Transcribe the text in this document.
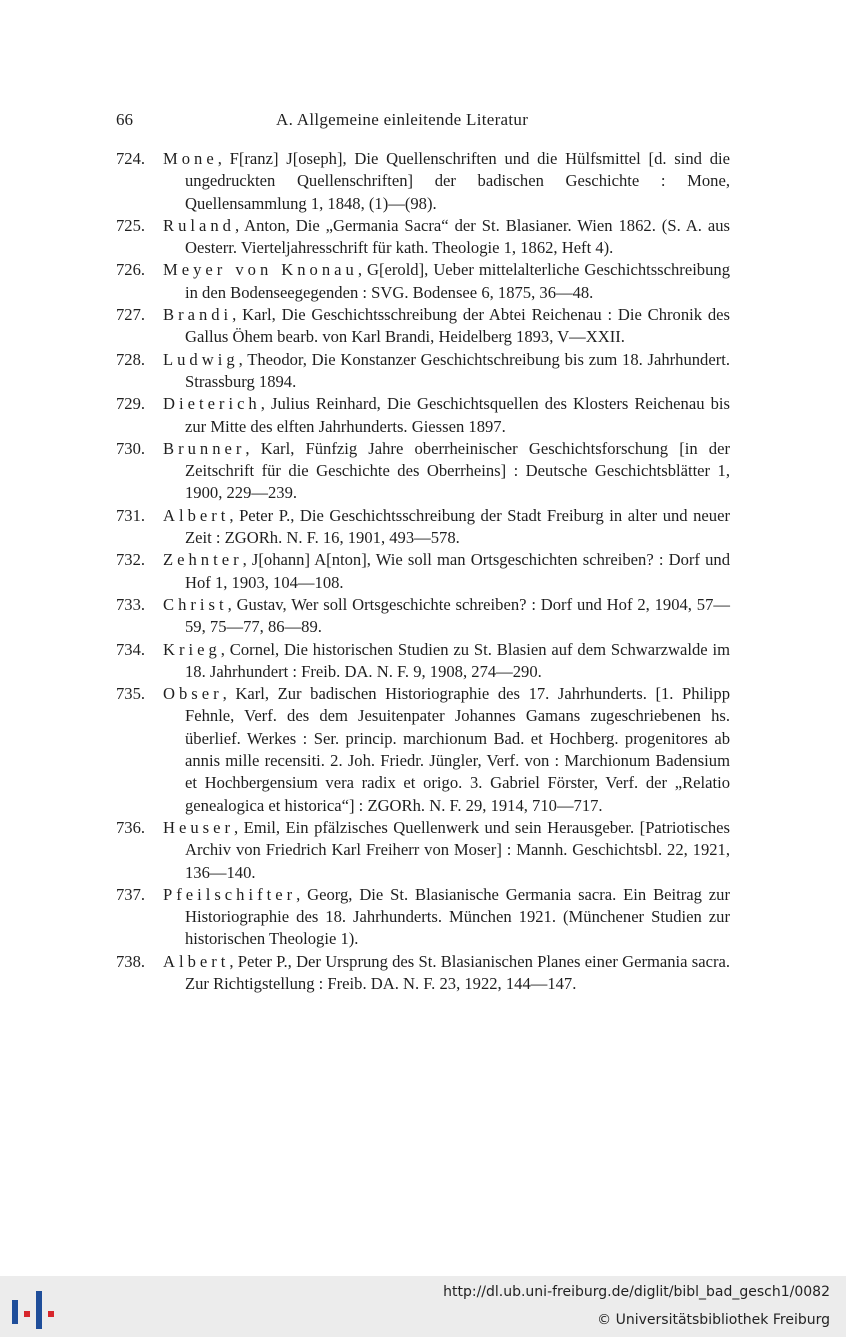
66	A. Allgemeine einleitende Literatur
724. Mone, F[ranz] J[oseph], Die Quellenschriften und die Hülfsmittel [d. sind die ungedruckten Quellenschriften] der badischen Geschichte : Mone, Quellensammlung 1, 1848, (1)—(98).
725. Ruland, Anton, Die „Germania Sacra“ der St. Blasianer. Wien 1862. (S. A. aus Oesterr. Vierteljahresschrift für kath. Theologie 1, 1862, Heft 4).
726. Meyer von Knonau, G[erold], Ueber mittelalterliche Geschichtsschreibung in den Bodenseegegenden : SVG. Bodensee 6, 1875, 36—48.
727. Brandi, Karl, Die Geschichtsschreibung der Abtei Reichenau : Die Chronik des Gallus Öhem bearb. von Karl Brandi, Heidelberg 1893, V—XXII.
728. Ludwig, Theodor, Die Konstanzer Geschichtschreibung bis zum 18. Jahrhundert. Strassburg 1894.
729. Dieterich, Julius Reinhard, Die Geschichtsquellen des Klosters Reichenau bis zur Mitte des elften Jahrhunderts. Giessen 1897.
730. Brunner, Karl, Fünfzig Jahre oberrheinischer Geschichtsforschung [in der Zeitschrift für die Geschichte des Oberrheins] : Deutsche Geschichtsblätter 1, 1900, 229—239.
731. Albert, Peter P., Die Geschichtsschreibung der Stadt Freiburg in alter und neuer Zeit : ZGORh. N. F. 16, 1901, 493—578.
732. Zehnter, J[ohann] A[nton], Wie soll man Ortsgeschichten schreiben? : Dorf und Hof 1, 1903, 104—108.
733. Christ, Gustav, Wer soll Ortsgeschichte schreiben? : Dorf und Hof 2, 1904, 57—59, 75—77, 86—89.
734. Krieg, Cornel, Die historischen Studien zu St. Blasien auf dem Schwarzwalde im 18. Jahrhundert : Freib. DA. N. F. 9, 1908, 274—290.
735. Obser, Karl, Zur badischen Historiographie des 17. Jahrhunderts. [1. Philipp Fehnle, Verf. des dem Jesuitenpater Johannes Gamans zugeschriebenen hs. überlief. Werkes : Ser. princip. marchionum Bad. et Hochberg. progenitores ab annis mille recensiti. 2. Joh. Friedr. Jüngler, Verf. von : Marchionum Badensium et Hochbergensium vera radix et origo. 3. Gabriel Förster, Verf. der „Relatio genealogica et historica“] : ZGORh. N. F. 29, 1914, 710—717.
736. Heuser, Emil, Ein pfälzisches Quellenwerk und sein Herausgeber. [Patriotisches Archiv von Friedrich Karl Freiherr von Moser] : Mannh. Geschichtsbl. 22, 1921, 136—140.
737. Pfeilschifter, Georg, Die St. Blasianische Germania sacra. Ein Beitrag zur Historiographie des 18. Jahrhunderts. München 1921. (Münchener Studien zur historischen Theologie 1).
738. Albert, Peter P., Der Ursprung des St. Blasianischen Planes einer Germania sacra. Zur Richtigstellung : Freib. DA. N. F. 23, 1922, 144—147.
http://dl.ub.uni-freiburg.de/diglit/bibl_bad_gesch1/0082
© Universitätsbibliothek Freiburg
